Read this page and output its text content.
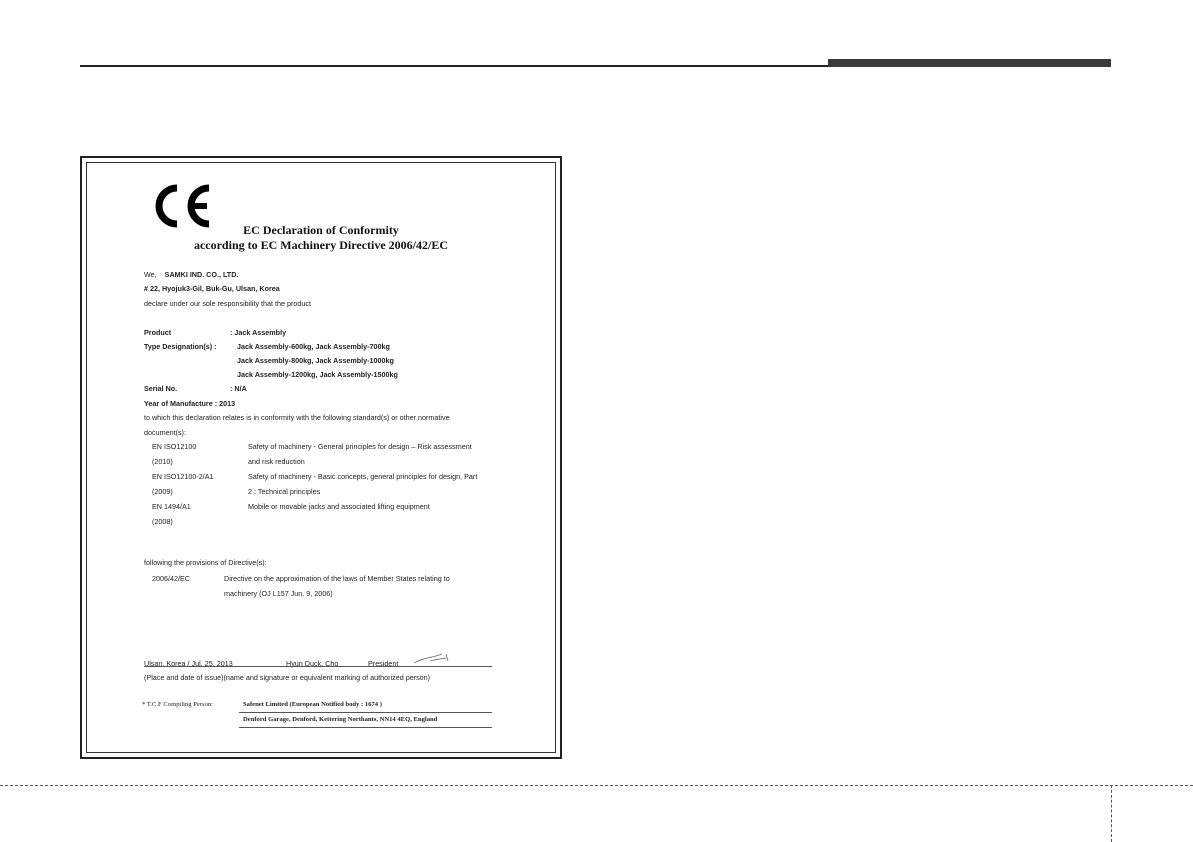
EC Declaration of Conformity
according to EC Machinery Directive 2006/42/EC
We, SAMKI IND. CO., LTD.
# 22, Hyojuk3-Gil, Buk-Gu, Ulsan, Korea
declare under our sole responsibility that the product
Product	: Jack Assembly
Type Designation(s) :	Jack Assembly-600kg, Jack Assembly-700kg
Jack Assembly-800kg, Jack Assembly-1000kg
Jack Assembly-1200kg, Jack Assembly-1500kg
Serial No.	: N/A
Year of Manufacture : 2013
to which this declaration relates is in conformity with the following standard(s) or other normative
document(s):
EN ISO12100	Safety of machinery - General principles for design – Risk assessment
(2010)	and risk reduction
EN ISO12100-2/A1	Safety of machinery - Basic concepts, general principles for design, Part
(2009)	2 : Technical principles
EN 1494/A1	Mobile or movable jacks and associated lifting equipment
(2008)
following the provisions of Directive(s):
2006/42/EC	Directive on the approximation of the laws of Member States relating to
machinery (OJ L157 Jun. 9, 2006)
Ulsan, Korea / Jul. 25. 2013	Hyun Duck, Cho	President
(Place and date of issue)(name and signature or equivalent marking of authorized person)
* T.C.F Compiling Person:	Safenet Limited (European Notified body : 1674 )
Denford Garage, Denford, Kettering Northants, NN14 4EQ, England
